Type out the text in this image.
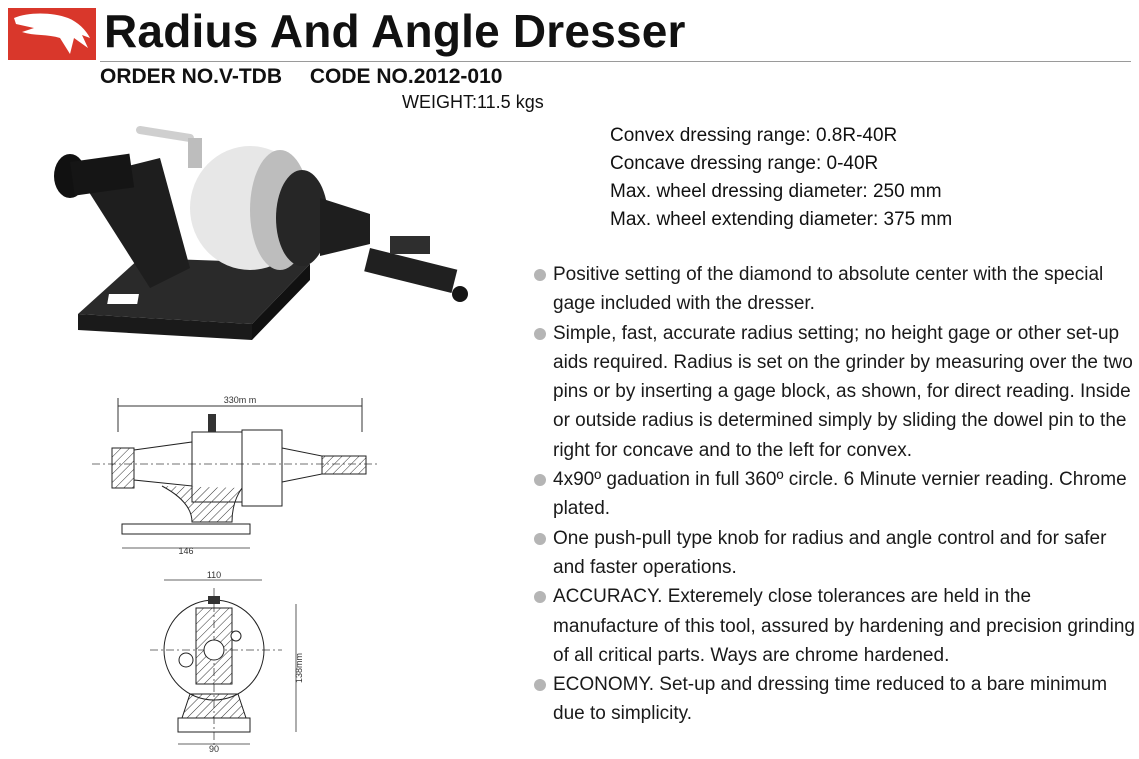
Radius And Angle Dresser
ORDER NO.V-TDB CODE NO.2012-010
WEIGHT:11.5 kgs
Convex dressing range: 0.8R-40R
Concave dressing range: 0-40R
Max. wheel dressing diameter: 250 mm
Max. wheel extending diameter: 375 mm
Positive setting of the diamond to absolute center with the special gage included with the dresser.
Simple, fast, accurate radius setting; no height gage or other set-up aids required. Radius is set on the grinder by measuring over the two pins or by inserting a gage block, as shown, for direct reading. Inside or outside radius is determined simply by sliding the dowel pin to the right for concave and to the left for convex.
4x90º gaduation in full 360º circle. 6 Minute vernier reading. Chrome plated.
One push-pull type knob for radius and angle control and for safer and faster operations.
ACCURACY. Exteremely close tolerances are held in the manufacture of this tool, assured by hardening and precision grinding of all critical parts. Ways are chrome hardened.
ECONOMY. Set-up and dressing time reduced to a bare minimum due to simplicity.
330m m
146
110
138mm
90
